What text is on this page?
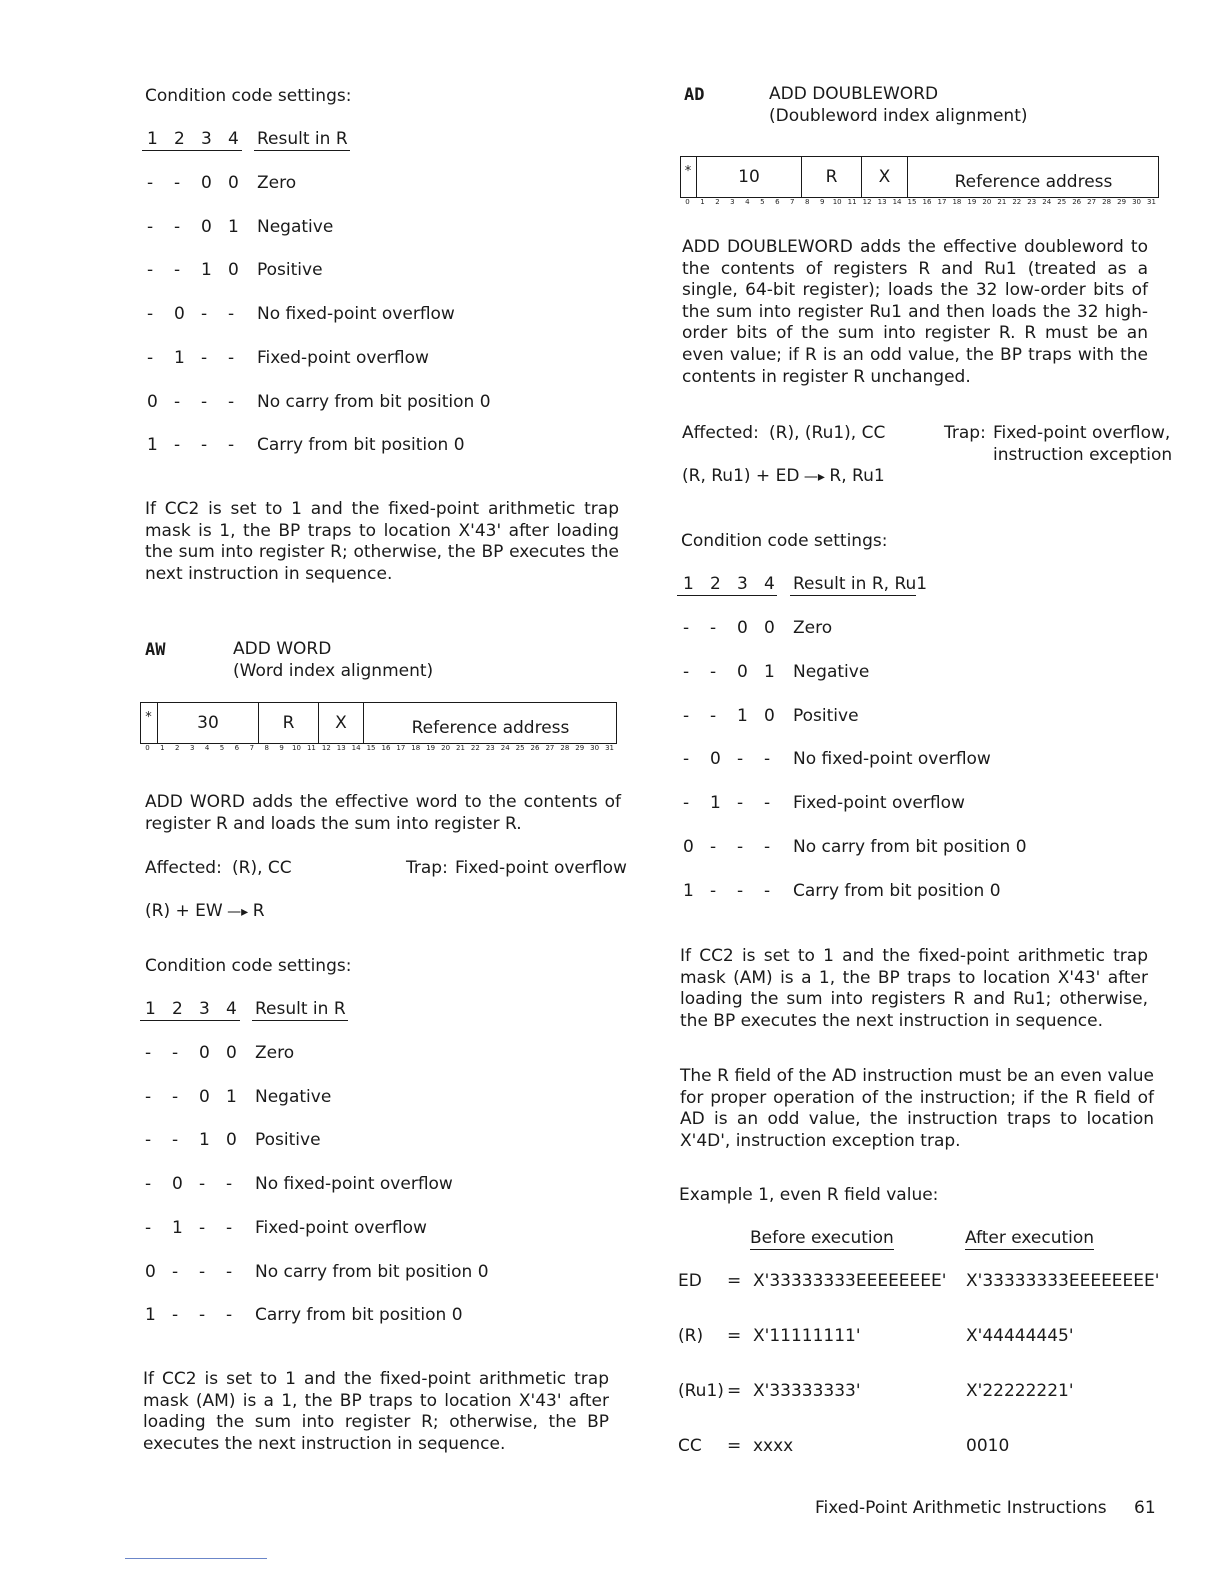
Condition code settings:
1 2 3 4 Result in R
- - 0 0 Zero
- - 0 1 Negative
- - 1 0 Positive
- 0 - - No fixed-point overflow
- 1 - - Fixed-point overflow
0 - - - No carry from bit position 0
1 - - - Carry from bit position 0
If CC2 is set to 1 and the fixed-point arithmetic trap mask is 1, the BP traps to location X'43' after loading the sum into register R; otherwise, the BP executes the next instruction in sequence.
AW	ADD WORD
(Word index alignment)
*	30	R	X	Reference address
0	1	2	3	4	5	6	7	8	9	10 11 12 13 14 15 16 17 18 19 20 21 22 23 24 25 26 27 28 29 30 31
ADD WORD adds the effective word to the contents of register R and loads the sum into register R.
Affected: (R), CC	Trap: Fixed-point overflow
(R) + EW —▸ R
Condition code settings:
1 2 3 4 Result in R
- - 0 0 Zero
- - 0 1 Negative
- - 1 0 Positive
- 0 - - No fixed-point overflow
- 1 - - Fixed-point overflow
0 - - - No carry from bit position 0
1 - - - Carry from bit position 0
If CC2 is set to 1 and the fixed-point arithmetic trap mask (AM) is a 1, the BP traps to location X'43' after loading the sum into register R; otherwise, the BP executes the next instruction in sequence.
AD	ADD DOUBLEWORD
(Doubleword index alignment)
*	10	R	X	Reference address
0	1	2	3	4	5	6	7	8	9	10 11 12 13 14 15 16 17 18 19 20 21 22 23 24 25 26 27 28 29 30 31
ADD DOUBLEWORD adds the effective doubleword to the contents of registers R and Ru1 (treated as a single, 64-bit register); loads the 32 low-order bits of the sum into register Ru1 and then loads the 32 high-order bits of the sum into register R. R must be an even value; if R is an odd value, the BP traps with the contents in register R unchanged.
Affected: (R), (Ru1), CC	Trap: Fixed-point overflow,
instruction exception
(R, Ru1) + ED —▸ R, Ru1
Condition code settings:
1 2 3 4 Result in R, Ru1
- - 0 0 Zero
- - 0 1 Negative
- - 1 0 Positive
- 0 - - No fixed-point overflow
- 1 - - Fixed-point overflow
0 - - - No carry from bit position 0
1 - - - Carry from bit position 0
If CC2 is set to 1 and the fixed-point arithmetic trap mask (AM) is a 1, the BP traps to location X'43' after loading the sum into registers R and Ru1; otherwise, the BP executes the next instruction in sequence.
The R field of the AD instruction must be an even value for proper operation of the instruction; if the R field of AD is an odd value, the instruction traps to location X'4D', instruction exception trap.
Example 1, even R field value:
Before execution	After execution
ED = X'33333333EEEEEEEE' X'33333333EEEEEEEE'
(R) = X'11111111'	X'44444445'
(Ru1) = X'33333333'	X'22222221'
CC = xxxx	0010
Fixed-Point Arithmetic Instructions 61
